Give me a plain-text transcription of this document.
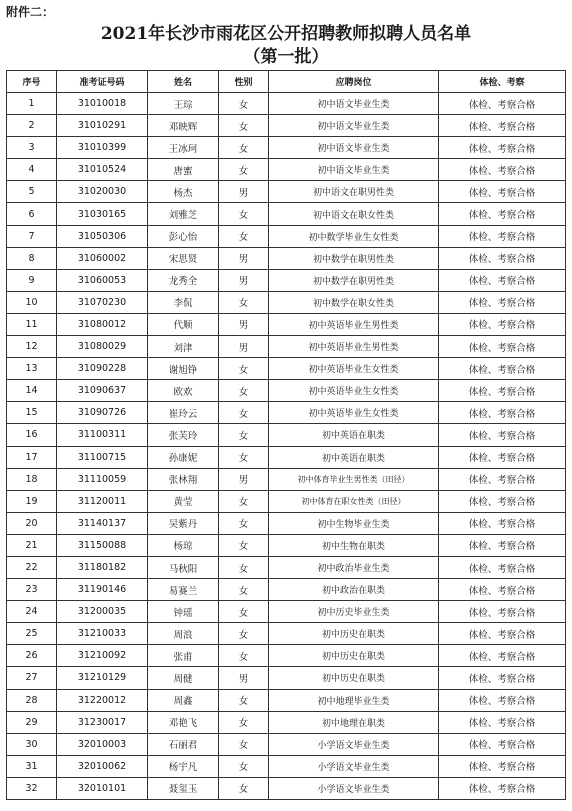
附件二：
2021年长沙市雨花区公开招聘教师拟聘人员名单
（第一批）
序号	准考证号码	姓名	性别	应聘岗位	体检、考察
1	31010018	王琮	女	初中语文毕业生类	体检、考察合格
2	31010291	邓映辉	女	初中语文毕业生类	体检、考察合格
3	31010399	王冰珂	女	初中语文毕业生类	体检、考察合格
4	31010524	唐蜜	女	初中语文毕业生类	体检、考察合格
5	31020030	杨杰	男	初中语文在职男性类	体检、考察合格
6	31030165	刘雅芝	女	初中语文在职女性类	体检、考察合格
7	31050306	彭心怡	女	初中数学毕业生女性类	体检、考察合格
8	31060002	宋思贤	男	初中数学在职男性类	体检、考察合格
9	31060053	龙秀全	男	初中数学在职男性类	体检、考察合格
10	31070230	李侃	女	初中数学在职女性类	体检、考察合格
11	31080012	代顺	男	初中英语毕业生男性类	体检、考察合格
12	31080029	刘津	男	初中英语毕业生男性类	体检、考察合格
13	31090228	谢旭铮	女	初中英语毕业生女性类	体检、考察合格
14	31090637	欧欢	女	初中英语毕业生女性类	体检、考察合格
15	31090726	崔玲云	女	初中英语毕业生女性类	体检、考察合格
16	31100311	张芙玲	女	初中英语在职类	体检、考察合格
17	31100715	孙康妮	女	初中英语在职类	体检、考察合格
18	31110059	张林翔	男	初中体育毕业生男性类（田径）	体检、考察合格
19	31120011	黄莹	女	初中体育在职女性类（田径）	体检、考察合格
20	31140137	吴紫丹	女	初中生物毕业生类	体检、考察合格
21	31150088	杨琼	女	初中生物在职类	体检、考察合格
22	31180182	马秋阳	女	初中政治毕业生类	体检、考察合格
23	31190146	易赛兰	女	初中政治在职类	体检、考察合格
24	31200035	钟瑶	女	初中历史毕业生类	体检、考察合格
25	31210033	周浪	女	初中历史在职类	体检、考察合格
26	31210092	张甫	女	初中历史在职类	体检、考察合格
27	31210129	周健	男	初中历史在职类	体检、考察合格
28	31220012	周鑫	女	初中地理毕业生类	体检、考察合格
29	31230017	邓艳飞	女	初中地理在职类	体检、考察合格
30	32010003	石丽君	女	小学语文毕业生类	体检、考察合格
31	32010062	杨宇凡	女	小学语文毕业生类	体检、考察合格
32	32010101	聂玺玉	女	小学语文毕业生类	体检、考察合格
